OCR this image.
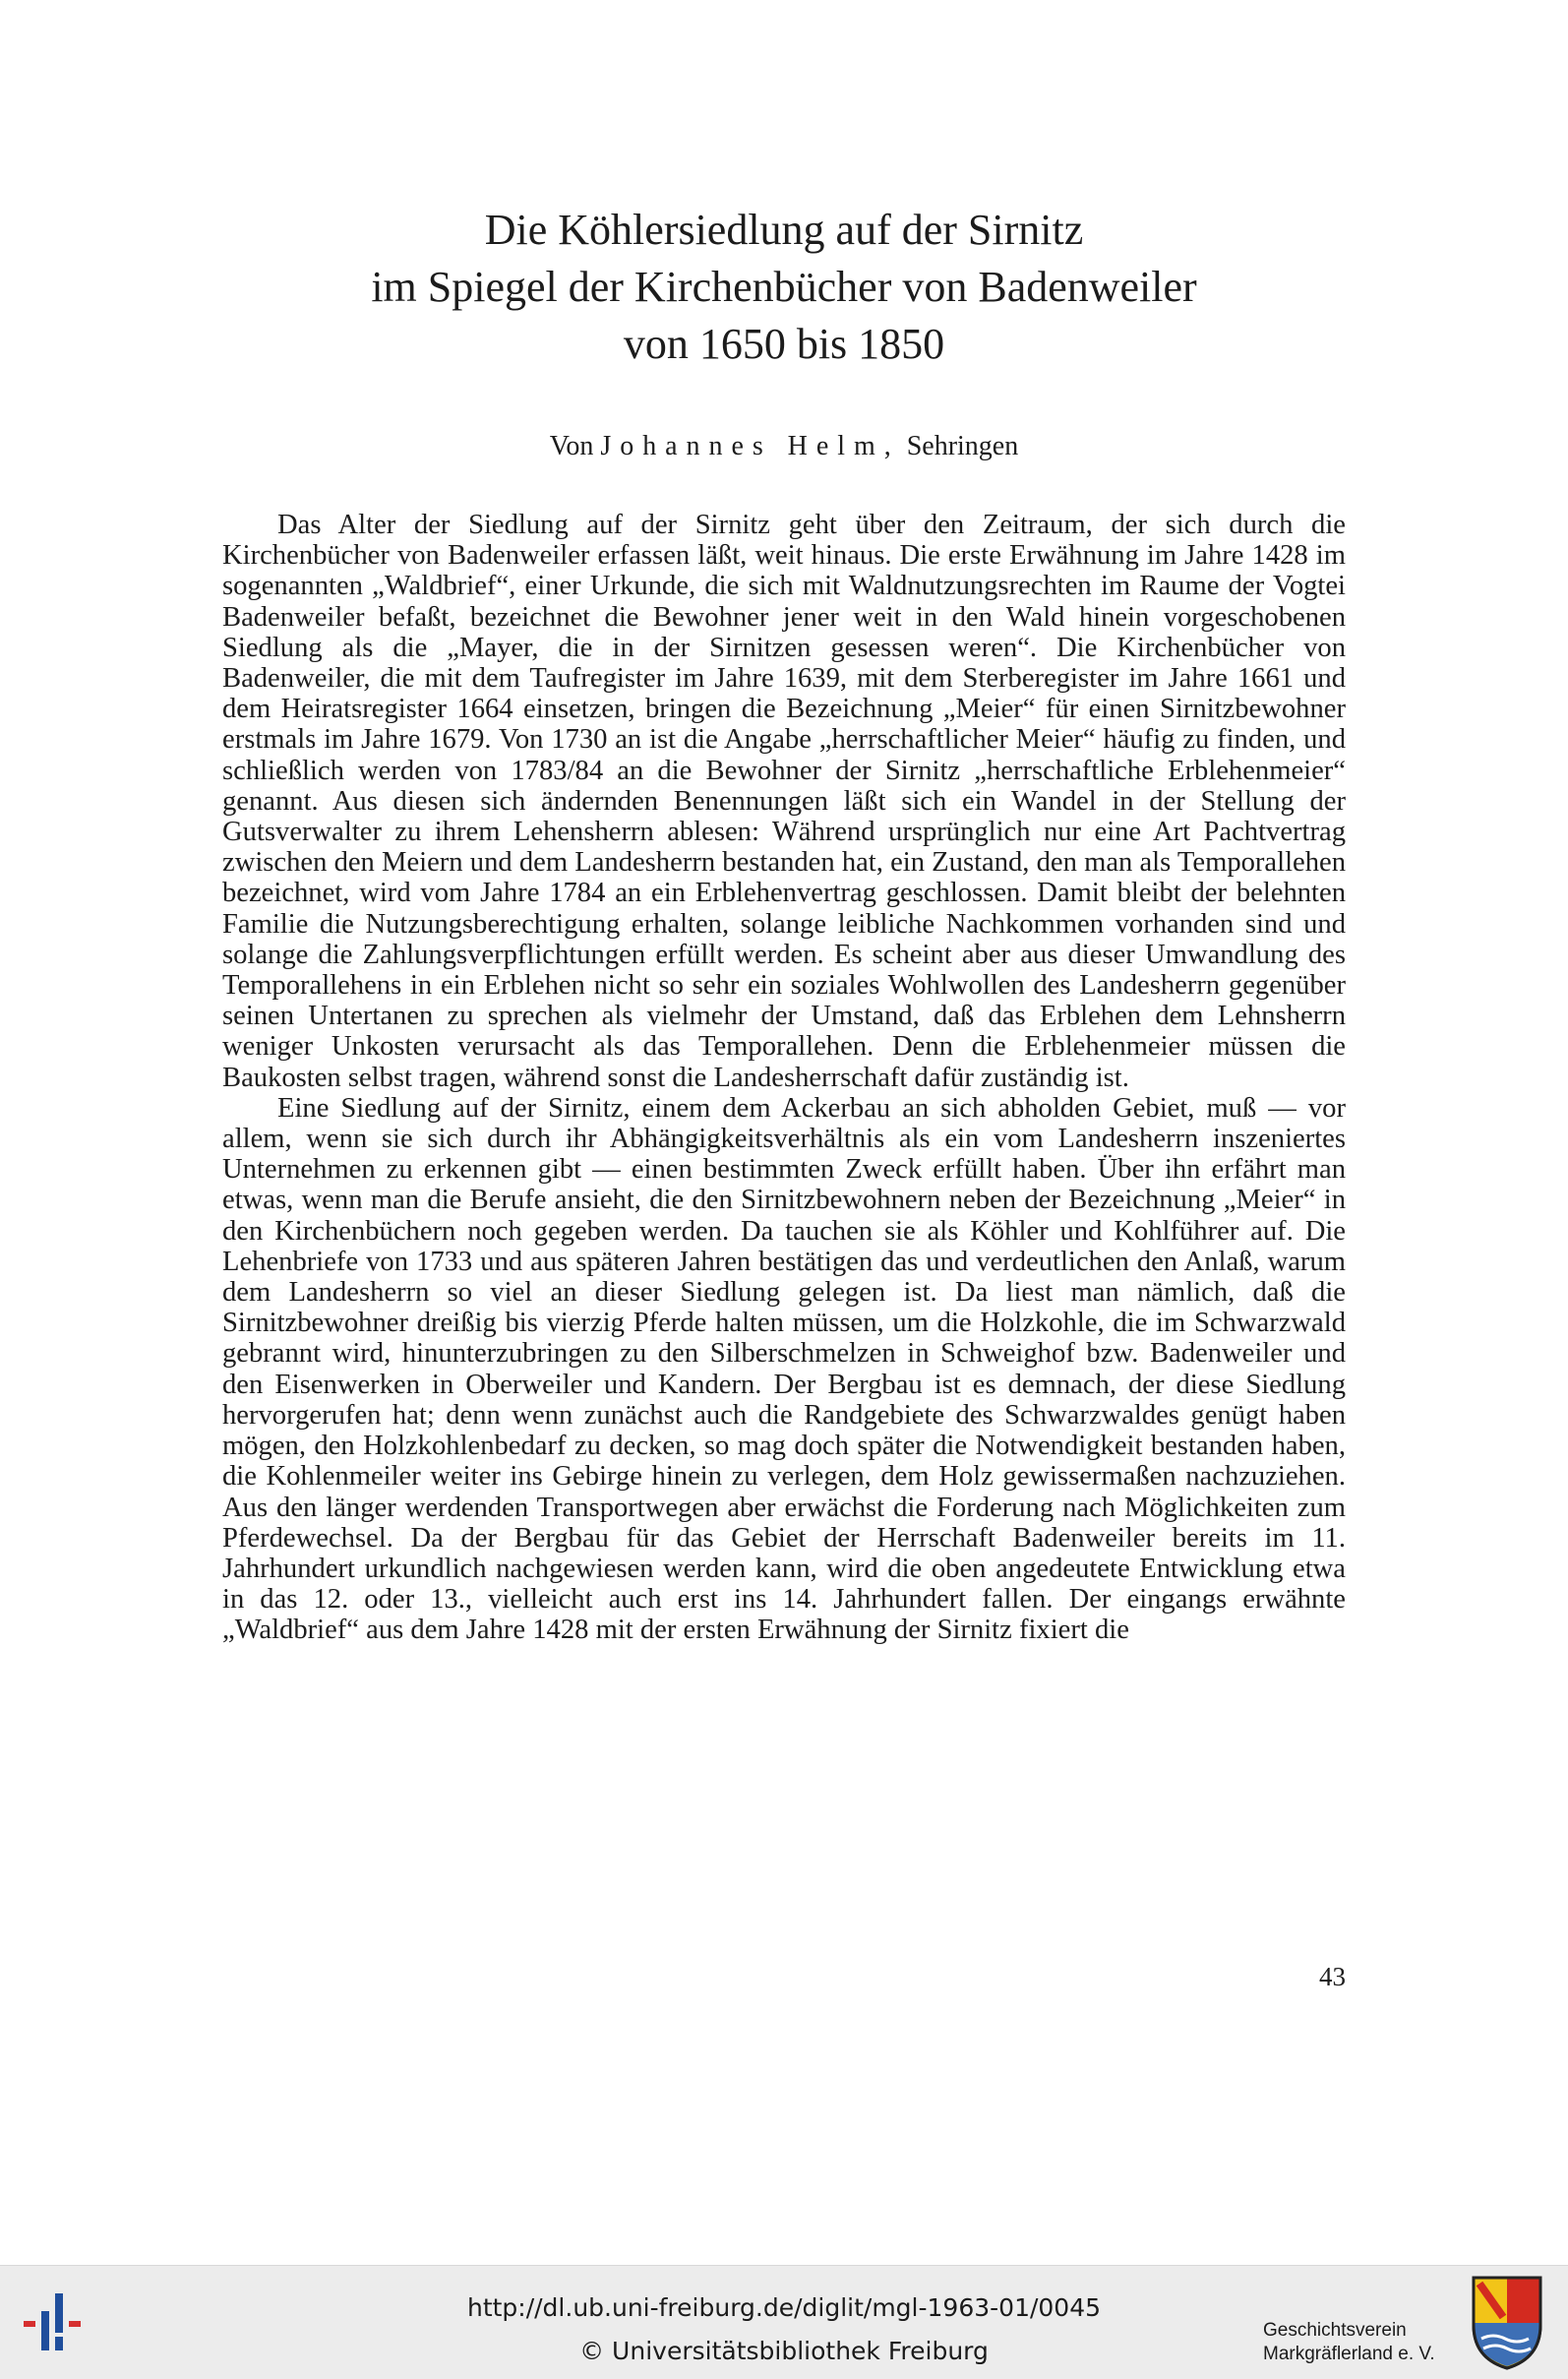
Die Köhlersiedlung auf der Sirnitz
im Spiegel der Kirchenbücher von Badenweiler
von 1650 bis 1850
Von Johannes Helm, Sehringen

Das Alter der Siedlung auf der Sirnitz geht über den Zeitraum, der sich durch die Kirchenbücher von Badenweiler erfassen läßt, weit hinaus. Die erste Erwähnung im Jahre 1428 im sogenannten „Waldbrief“, einer Urkunde, die sich mit Waldnutzungsrechten im Raume der Vogtei Badenweiler befaßt, bezeichnet die Bewohner jener weit in den Wald hinein vorgeschobenen Siedlung als die „Mayer, die in der Sirnitzen gesessen weren“. Die Kirchenbücher von Badenweiler, die mit dem Taufregister im Jahre 1639, mit dem Sterberegister im Jahre 1661 und dem Heiratsregister 1664 einsetzen, bringen die Bezeichnung „Meier“ für einen Sirnitzbewohner erstmals im Jahre 1679. Von 1730 an ist die Angabe „herrschaftlicher Meier“ häufig zu finden, und schließlich werden von 1783/84 an die Bewohner der Sirnitz „herrschaftliche Erblehenmeier“ genannt. Aus diesen sich ändernden Benennungen läßt sich ein Wandel in der Stellung der Gutsverwalter zu ihrem Lehensherrn ablesen: Während ursprünglich nur eine Art Pachtvertrag zwischen den Meiern und dem Landesherrn bestanden hat, ein Zustand, den man als Temporallehen bezeichnet, wird vom Jahre 1784 an ein Erblehenvertrag geschlossen. Damit bleibt der belehnten Familie die Nutzungsberechtigung erhalten, solange leibliche Nachkommen vorhanden sind und solange die Zahlungsverpflichtungen erfüllt werden. Es scheint aber aus dieser Umwandlung des Temporallehens in ein Erblehen nicht so sehr ein soziales Wohlwollen des Landesherrn gegenüber seinen Untertanen zu sprechen als vielmehr der Umstand, daß das Erblehen dem Lehnsherrn weniger Unkosten verursacht als das Temporallehen. Denn die Erblehenmeier müssen die Baukosten selbst tragen, während sonst die Landesherrschaft dafür zuständig ist.

Eine Siedlung auf der Sirnitz, einem dem Ackerbau an sich abholden Gebiet, muß — vor allem, wenn sie sich durch ihr Abhängigkeitsverhältnis als ein vom Landesherrn inszeniertes Unternehmen zu erkennen gibt — einen bestimmten Zweck erfüllt haben. Über ihn erfährt man etwas, wenn man die Berufe ansieht, die den Sirnitzbewohnern neben der Bezeichnung „Meier“ in den Kirchenbüchern noch gegeben werden. Da tauchen sie als Köhler und Kohlführer auf. Die Lehenbriefe von 1733 und aus späteren Jahren bestätigen das und verdeutlichen den Anlaß, warum dem Landesherrn so viel an dieser Siedlung gelegen ist. Da liest man nämlich, daß die Sirnitzbewohner dreißig bis vierzig Pferde halten müssen, um die Holzkohle, die im Schwarzwald gebrannt wird, hinunterzubringen zu den Silberschmelzen in Schweighof bzw. Badenweiler und den Eisenwerken in Oberweiler und Kandern. Der Bergbau ist es demnach, der diese Siedlung hervorgerufen hat; denn wenn zunächst auch die Randgebiete des Schwarzwaldes genügt haben mögen, den Holzkohlenbedarf zu decken, so mag doch später die Notwendigkeit bestanden haben, die Kohlenmeiler weiter ins Gebirge hinein zu verlegen, dem Holz gewissermaßen nachzuziehen. Aus den länger werdenden Transportwegen aber erwächst die Forderung nach Möglichkeiten zum Pferdewechsel. Da der Bergbau für das Gebiet der Herrschaft Badenweiler bereits im 11. Jahrhundert urkundlich nachgewiesen werden kann, wird die oben angedeutete Entwicklung etwa in das 12. oder 13., vielleicht auch erst ins 14. Jahrhundert fallen. Der eingangs erwähnte „Waldbrief“ aus dem Jahre 1428 mit der ersten Erwähnung der Sirnitz fixiert die

43
http://dl.ub.uni-freiburg.de/diglit/mgl-1963-01/0045
© Universitätsbibliothek Freiburg
Geschichtsverein
Markgräflerland e. V.
